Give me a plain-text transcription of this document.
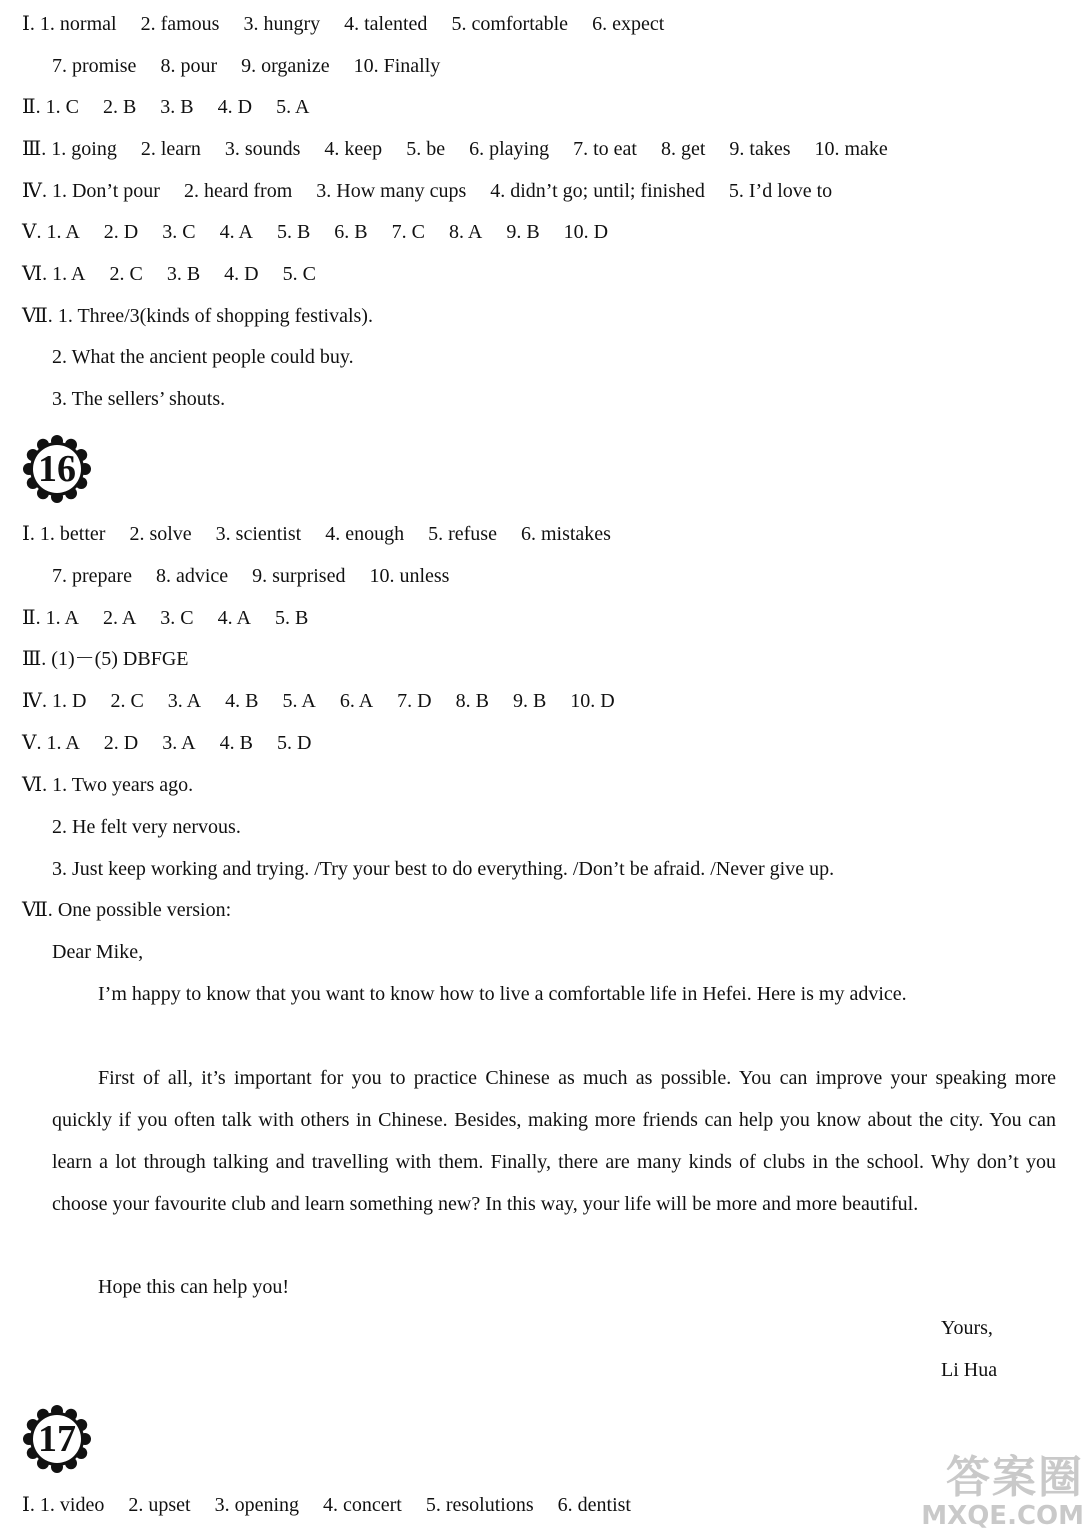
Ⅰ. 1. normal 2. famous 3. hungry 4. talented 5. comfortable 6. expect
7. promise 8. pour 9. organize 10. Finally
Ⅱ. 1. C 2. B 3. B 4. D 5. A
Ⅲ. 1. going 2. learn 3. sounds 4. keep 5. be 6. playing 7. to eat 8. get 9. takes 10. make
Ⅳ. 1. Don’t pour 2. heard from 3. How many cups 4. didn’t go; until; finished 5. I’d love to
Ⅴ. 1. A 2. D 3. C 4. A 5. B 6. B 7. C 8. A 9. B 10. D
Ⅵ. 1. A 2. C 3. B 4. D 5. C
Ⅶ. 1. Three/3(kinds of shopping festivals).
2. What the ancient people could buy.
3. The sellers’ shouts.
16
Ⅰ. 1. better 2. solve 3. scientist 4. enough 5. refuse 6. mistakes
7. prepare 8. advice 9. surprised 10. unless
Ⅱ. 1. A 2. A 3. C 4. A 5. B
Ⅲ. (1)－(5) DBFGE
Ⅳ. 1. D 2. C 3. A 4. B 5. A 6. A 7. D 8. B 9. B 10. D
Ⅴ. 1. A 2. D 3. A 4. B 5. D
Ⅵ. 1. Two years ago.
2. He felt very nervous.
3. Just keep working and trying. /Try your best to do everything. /Don’t be afraid. /Never give up.
Ⅶ. One possible version:
Dear Mike,
I’m happy to know that you want to know how to live a comfortable life in Hefei. Here is my advice.
First of all, it’s important for you to practice Chinese as much as possible. You can improve your speaking more quickly if you often talk with others in Chinese. Besides, making more friends can help you know about the city. You can learn a lot through talking and travelling with them. Finally, there are many kinds of clubs in the school. Why don’t you choose your favourite club and learn something new? In this way, your life will be more and more beautiful.
Hope this can help you!
Yours,
Li Hua
17
Ⅰ. 1. video 2. upset 3. opening 4. concert 5. resolutions 6. dentist
答案圈
MXQE.COM
